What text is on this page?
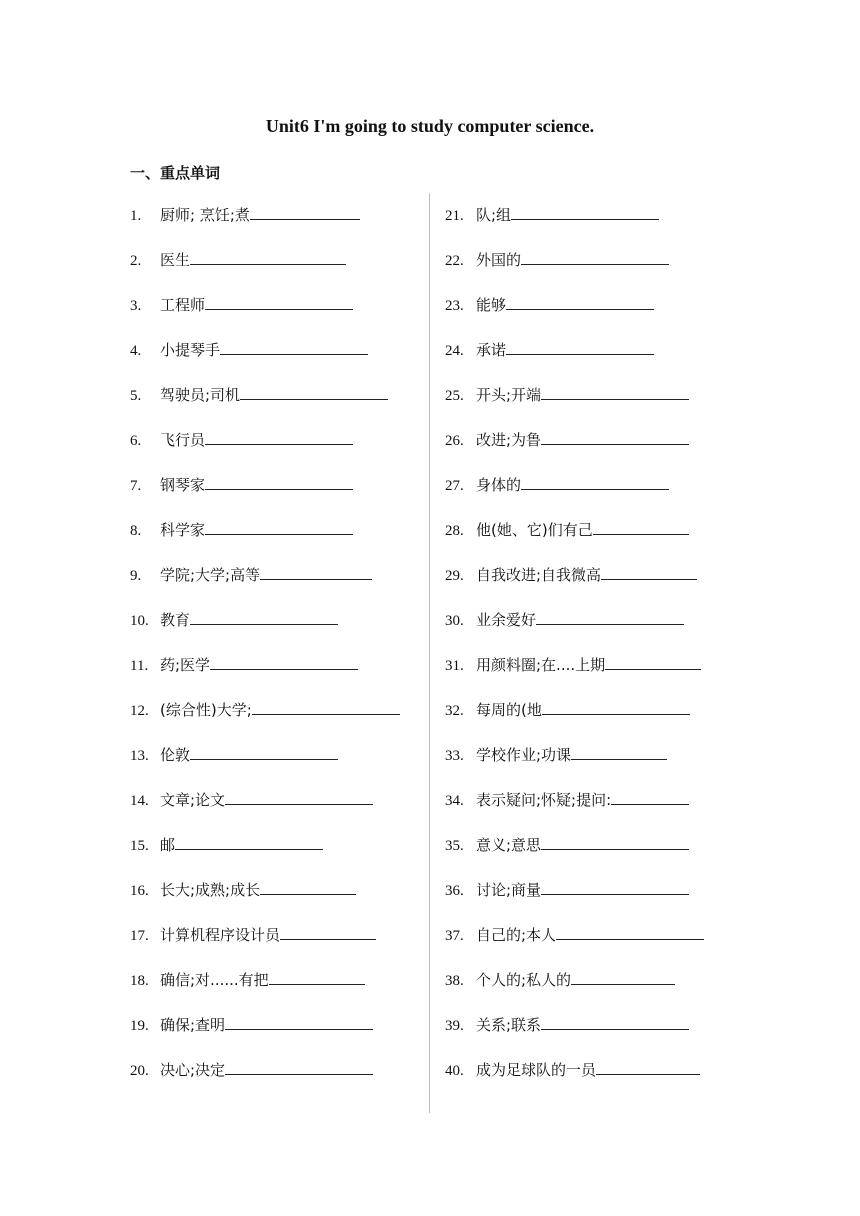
Unit6 I'm going to study computer science.
一、重点单词
1.	厨师; 烹饪;煮
2.	医生
3.	工程师
4.	小提琴手
5.	驾驶员;司机
6.	飞行员
7.	钢琴家
8.	科学家
9.	学院;大学;高等
10. 教育
11. 药;医学
12. (综合性)大学;
13. 伦敦
14. 文章;论文
15. 邮
16. 长大;成熟;成长
17. 计算机程序设计员
18. 确信;对......有把
19. 确保;查明
20. 决心;决定
21. 队;组
22. 外国的
23. 能够
24. 承诺
25. 开头;开端
26. 改进;为鲁
27. 身体的
28. 他(她、它)们有己
29. 自我改进;自我微高
30. 业余爱好
31. 用颜料圈;在....上期
32. 每周的(地
33. 学校作业;功课
34. 表示疑问;怀疑;提问:
35. 意义;意思
36. 讨论;商量
37. 自己的;本人
38. 个人的;私人的
39. 关系;联系
40. 成为足球队的一员
